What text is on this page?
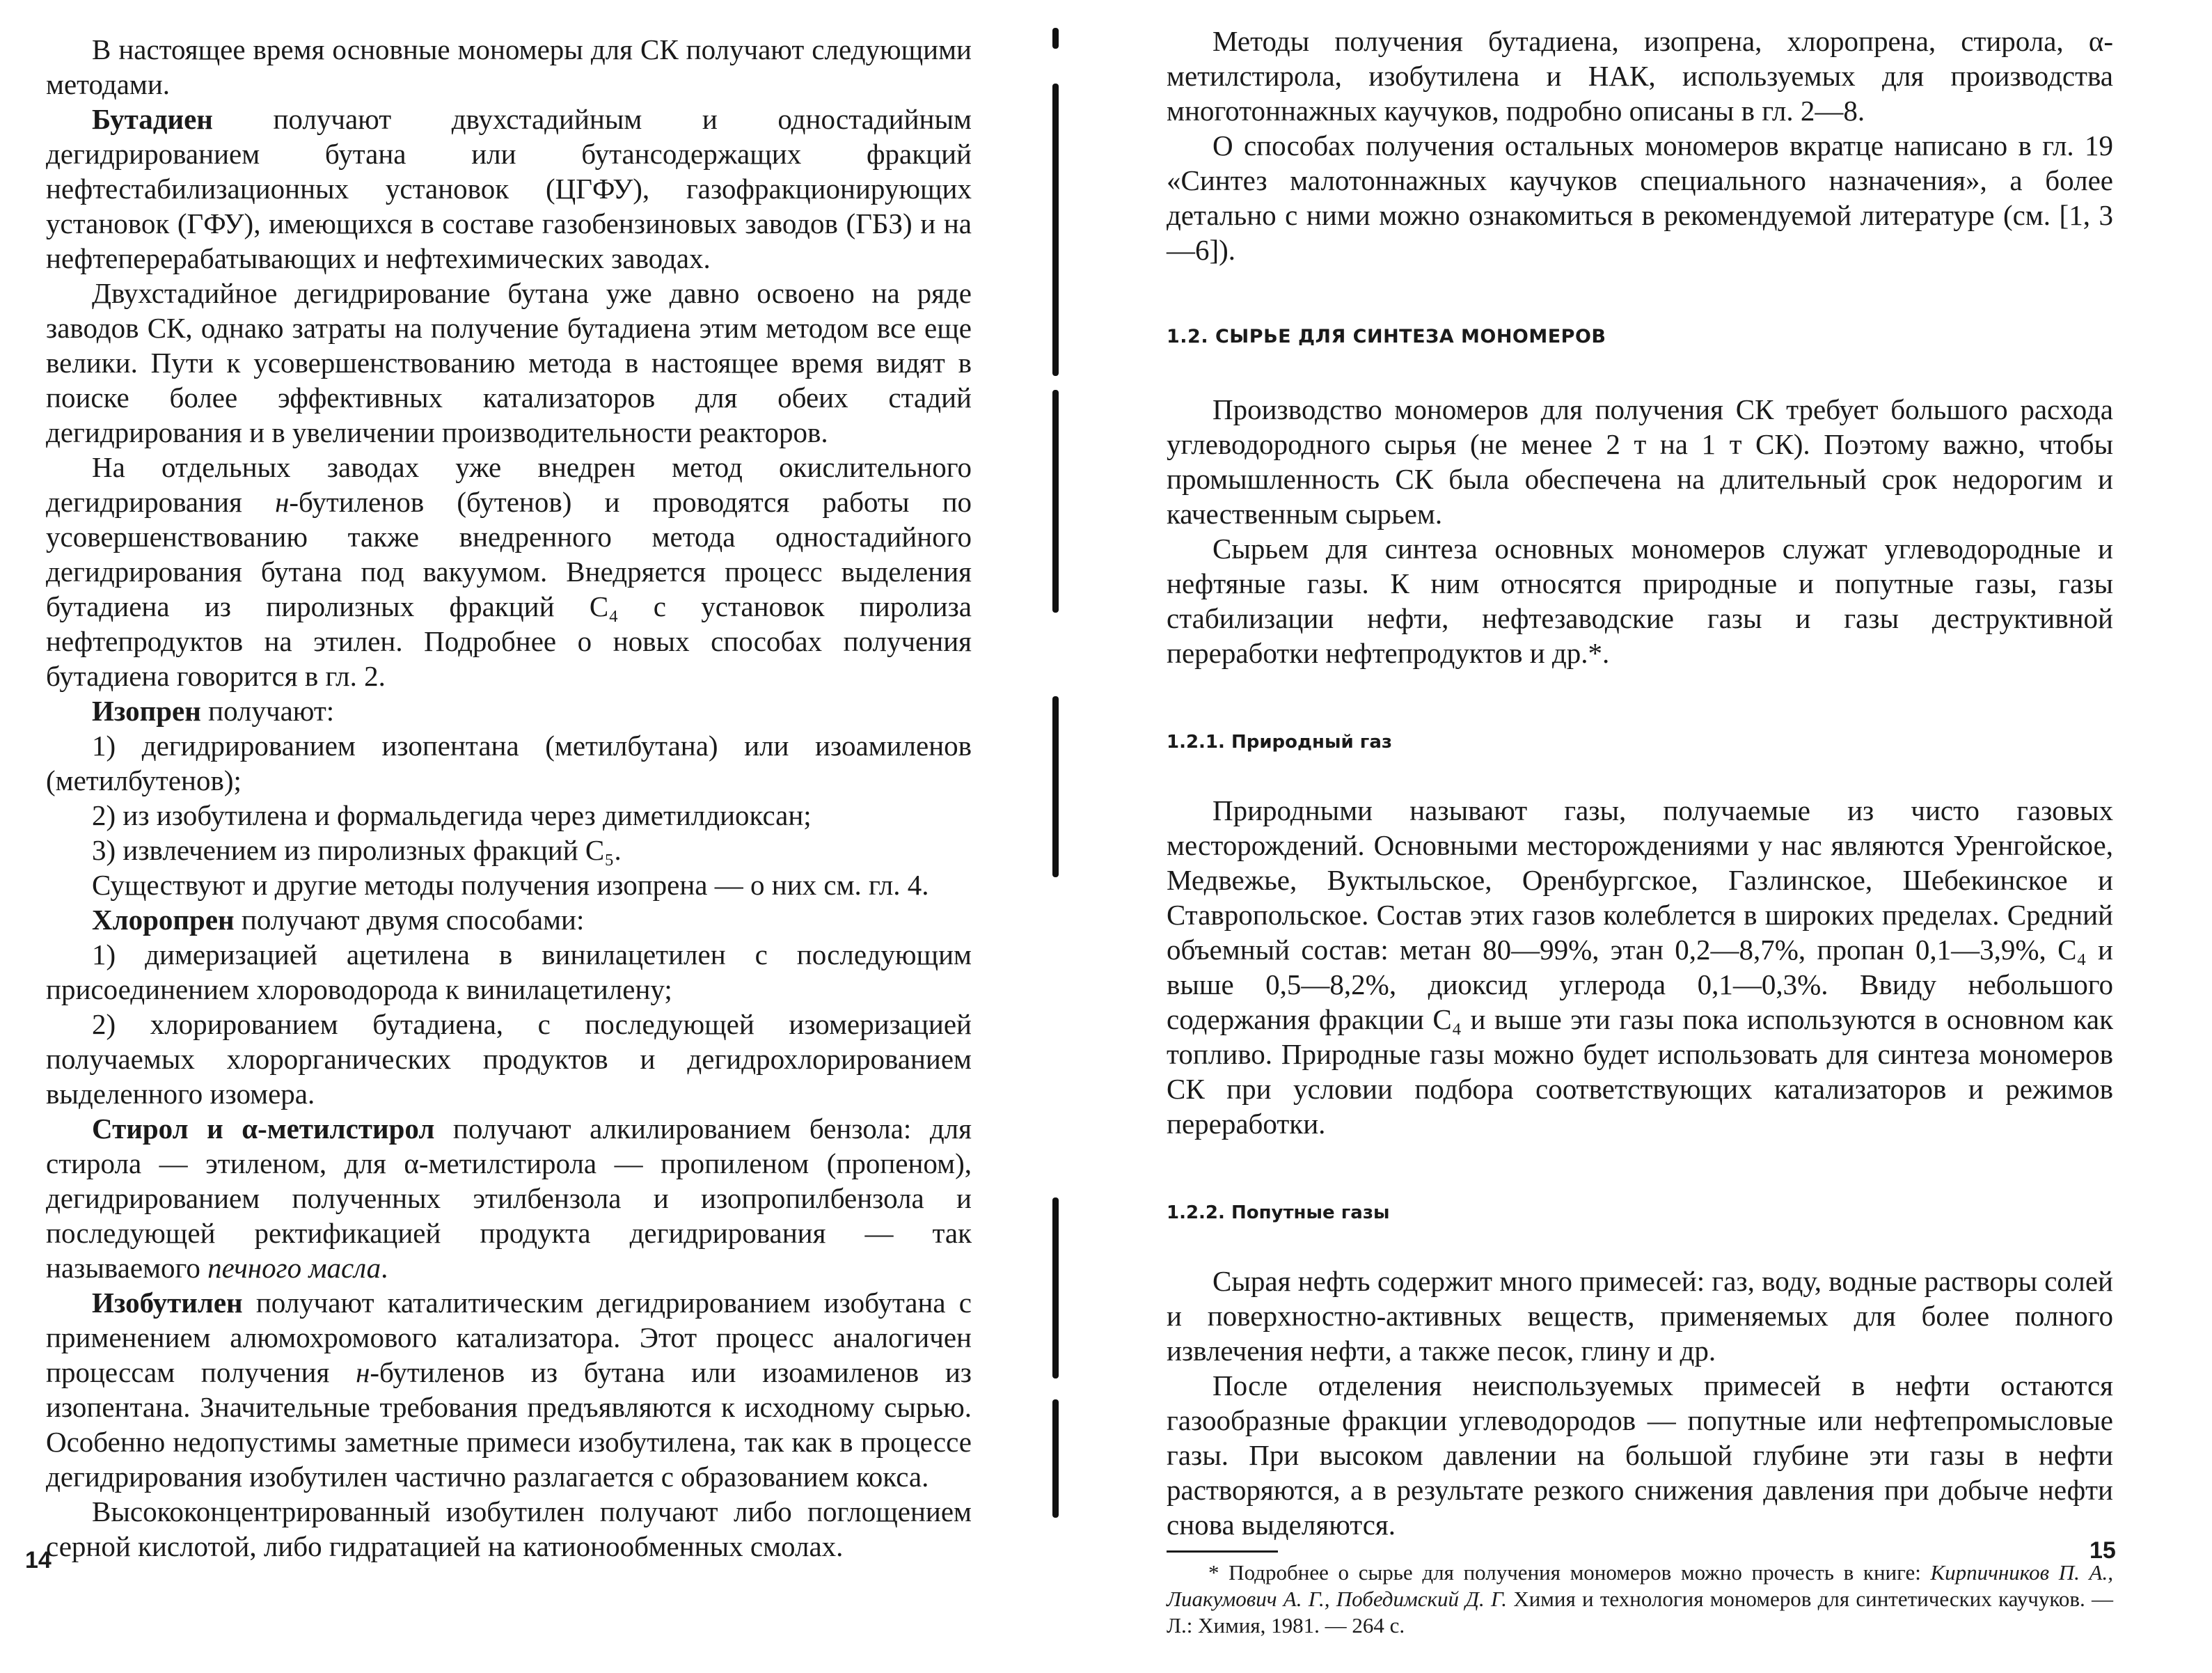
В настоящее время основные мономеры для СК получают следующими методами.

Бутадиен получают двухстадийным и одностадийным дегидрированием бутана или бутансодержащих фракций нефтестабилизационных установок (ЦГФУ), газофракционирующих установок (ГФУ), имеющихся в составе газобензиновых заводов (ГБЗ) и на нефтеперерабатывающих и нефтехимических заводах.

Двухстадийное дегидрирование бутана уже давно освоено на ряде заводов СК, однако затраты на получение бутадиена этим методом все еще велики. Пути к усовершенствованию метода в настоящее время видят в поиске более эффективных катализаторов для обеих стадий дегидрирования и в увеличении производительности реакторов.

На отдельных заводах уже внедрен метод окислительного дегидрирования н-бутиленов (бутенов) и проводятся работы по усовершенствованию также внедренного метода одностадийного дегидрирования бутана под вакуумом. Внедряется процесс выделения бутадиена из пиролизных фракций C₄ с установок пиролиза нефтепродуктов на этилен. Подробнее о новых способах получения бутадиена говорится в гл. 2.

Изопрен получают:

1) дегидрированием изопентана (метилбутана) или изоамиленов (метилбутенов);

2) из изобутилена и формальдегида через диметилдиоксан;

3) извлечением из пиролизных фракций C₅.

Существуют и другие методы получения изопрена — о них см. гл. 4.

Хлоропрен получают двумя способами:

1) димеризацией ацетилена в винилацетилен с последующим присоединением хлороводорода к винилацетилену;

2) хлорированием бутадиена, с последующей изомеризацией получаемых хлорорганических продуктов и дегидрохлорированием выделенного изомера.

Стирол и α-метилстирол получают алкилированием бензола: для стирола — этиленом, для α-метилстирола — пропиленом (пропеном), дегидрированием полученных этилбензола и изопропилбензола и последующей ректификацией продукта дегидрирования — так называемого печного масла.

Изобутилен получают каталитическим дегидрированием изобутана с применением алюмохромового катализатора. Этот процесс аналогичен процессам получения н-бутиленов из бутана или изоамиленов из изопентана. Значительные требования предъявляются к исходному сырью. Особенно недопустимы заметные примеси изобутилена, так как в процессе дегидрирования изобутилен частично разлагается с образованием кокса.

Высококонцентрированный изобутилен получают либо поглощением серной кислотой, либо гидратацией на катионообменных смолах.

14

Методы получения бутадиена, изопрена, хлоропрена, стирола, α-метилстирола, изобутилена и НАК, используемых для производства многотоннажных каучуков, подробно описаны в гл. 2—8.

О способах получения остальных мономеров вкратце написано в гл. 19 «Синтез малотоннажных каучуков специального назначения», а более детально с ними можно ознакомиться в рекомендуемой литературе (см. [1, 3—6]).

1.2. СЫРЬЕ ДЛЯ СИНТЕЗА МОНОМЕРОВ

Производство мономеров для получения СК требует большого расхода углеводородного сырья (не менее 2 т на 1 т СК). Поэтому важно, чтобы промышленность СК была обеспечена на длительный срок недорогим и качественным сырьем.

Сырьем для синтеза основных мономеров служат углеводородные и нефтяные газы. К ним относятся природные и попутные газы, газы стабилизации нефти, нефтезаводские газы и газы деструктивной переработки нефтепродуктов и др.*.

1.2.1. Природный газ

Природными называют газы, получаемые из чисто газовых месторождений. Основными месторождениями у нас являются Уренгойское, Медвежье, Вуктыльское, Оренбургское, Газлинское, Шебекинское и Ставропольское. Состав этих газов колеблется в широких пределах. Средний объемный состав: метан 80—99%, этан 0,2—8,7%, пропан 0,1—3,9%, C₄ и выше 0,5—8,2%, диоксид углерода 0,1—0,3%. Ввиду небольшого содержания фракции C₄ и выше эти газы пока используются в основном как топливо. Природные газы можно будет использовать для синтеза мономеров СК при условии подбора соответствующих катализаторов и режимов переработки.

1.2.2. Попутные газы

Сырая нефть содержит много примесей: газ, воду, водные растворы солей и поверхностно-активных веществ, применяемых для более полного извлечения нефти, а также песок, глину и др.

После отделения неиспользуемых примесей в нефти остаются газообразные фракции углеводородов — попутные или нефтепромысловые газы. При высоком давлении на большой глубине эти газы в нефти растворяются, а в результате резкого снижения давления при добыче нефти снова выделяются.

* Подробнее о сырье для получения мономеров можно прочесть в книге: Кирпичников П. А., Лиакумович А. Г., Победимский Д. Г. Химия и технология мономеров для синтетических каучуков. — Л.: Химия, 1981. — 264 с.

15
